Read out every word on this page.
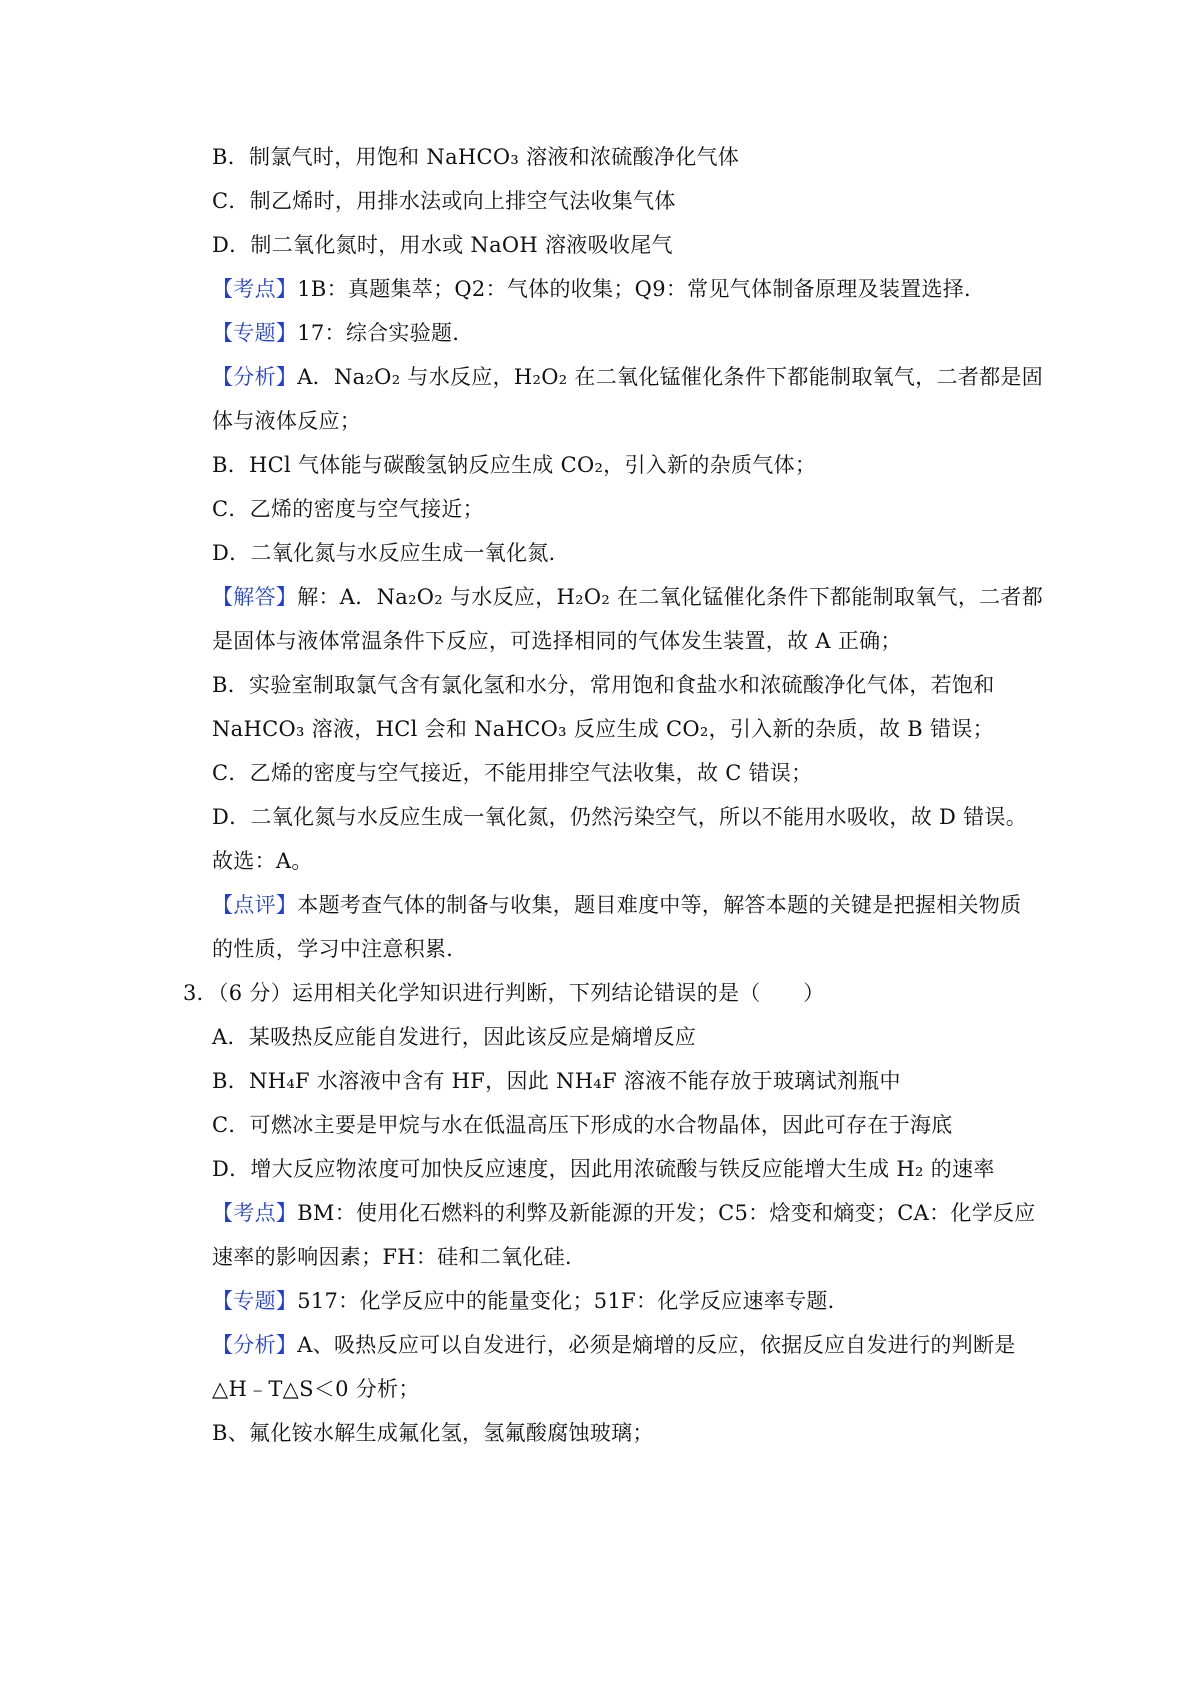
B．制氯气时，用饱和 NaHCO₃ 溶液和浓硫酸净化气体
C．制乙烯时，用排水法或向上排空气法收集气体
D．制二氧化氮时，用水或 NaOH 溶液吸收尾气
【考点】1B：真题集萃；Q2：气体的收集；Q9：常见气体制备原理及装置选择．
【专题】17：综合实验题．
【分析】A．Na₂O₂ 与水反应，H₂O₂ 在二氧化锰催化条件下都能制取氧气，二者都是固
体与液体反应；
B．HCl 气体能与碳酸氢钠反应生成 CO₂，引入新的杂质气体；
C．乙烯的密度与空气接近；
D．二氧化氮与水反应生成一氧化氮．
【解答】解：A．Na₂O₂ 与水反应，H₂O₂ 在二氧化锰催化条件下都能制取氧气，二者都
是固体与液体常温条件下反应，可选择相同的气体发生装置，故 A 正确；
B．实验室制取氯气含有氯化氢和水分，常用饱和食盐水和浓硫酸净化气体，若饱和
NaHCO₃ 溶液，HCl 会和 NaHCO₃ 反应生成 CO₂，引入新的杂质，故 B 错误；
C．乙烯的密度与空气接近，不能用排空气法收集，故 C 错误；
D．二氧化氮与水反应生成一氧化氮，仍然污染空气，所以不能用水吸收，故 D 错误。
故选：A。
【点评】本题考查气体的制备与收集，题目难度中等，解答本题的关键是把握相关物质
的性质，学习中注意积累．
3．（6 分）运用相关化学知识进行判断，下列结论错误的是（　　）
A．某吸热反应能自发进行，因此该反应是熵增反应
B．NH₄F 水溶液中含有 HF，因此 NH₄F 溶液不能存放于玻璃试剂瓶中
C．可燃冰主要是甲烷与水在低温高压下形成的水合物晶体，因此可存在于海底
D．增大反应物浓度可加快反应速度，因此用浓硫酸与铁反应能增大生成 H₂ 的速率
【考点】BM：使用化石燃料的利弊及新能源的开发；C5：焓变和熵变；CA：化学反应
速率的影响因素；FH：硅和二氧化硅．
【专题】517：化学反应中的能量变化；51F：化学反应速率专题．
【分析】A、吸热反应可以自发进行，必须是熵增的反应，依据反应自发进行的判断是
△H﹣T△S＜0 分析；
B、氟化铵水解生成氟化氢，氢氟酸腐蚀玻璃；
